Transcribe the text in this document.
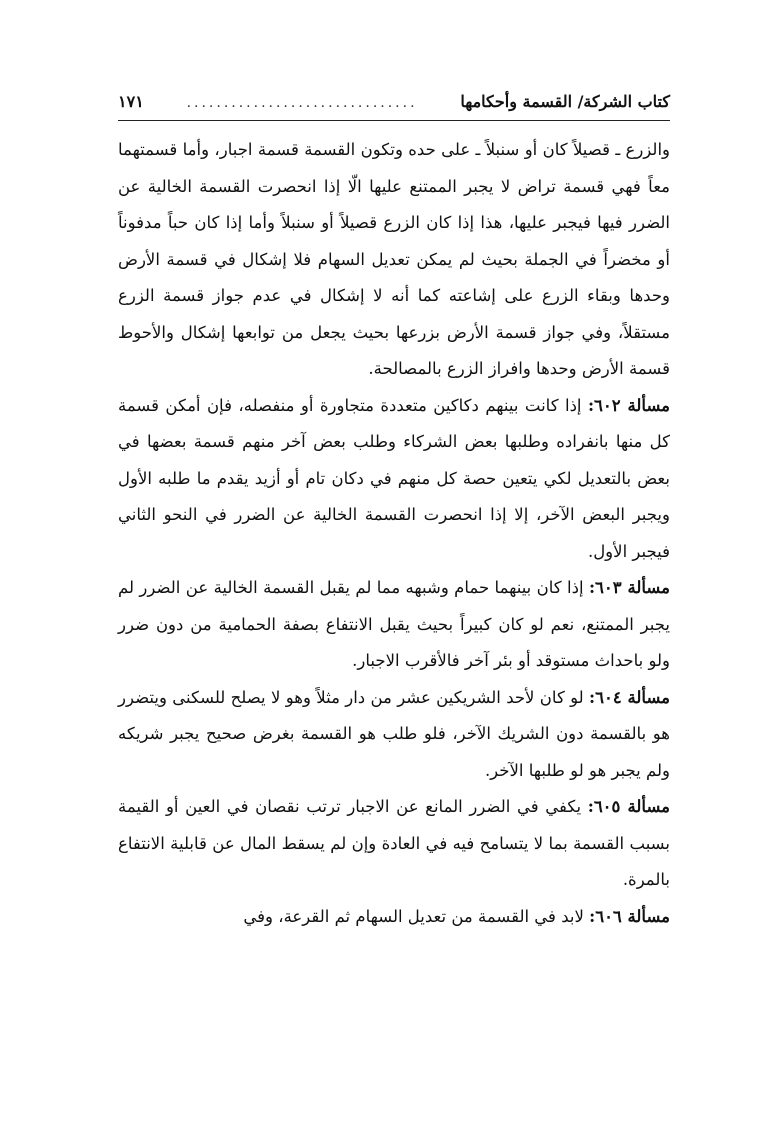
كتاب الشركة/ القسمة وأحكامها
...............................
١٧١

والزرع ـ قصيلاً كان أو سنبلاً ـ على حده وتكون القسمة قسمة اجبار، وأما قسمتهما معاً فهي قسمة تراض لا يجبر الممتنع عليها الّا إذا انحصرت القسمة الخالية عن الضرر فيها فيجبر عليها، هذا إذا كان الزرع قصيلاً أو سنبلاً وأما إذا كان حباً مدفوناً أو مخضراً في الجملة بحيث لم يمكن تعديل السهام فلا إشكال في قسمة الأرض وحدها وبقاء الزرع على إشاعته كما أنه لا إشكال في عدم جواز قسمة الزرع مستقلاً، وفي جواز قسمة الأرض بزرعها بحيث يجعل من توابعها إشكال والأحوط قسمة الأرض وحدها وافراز الزرع بالمصالحة.

مسألة ٦٠٢: إذا كانت بينهم دكاكين متعددة متجاورة أو منفصله، فإن أمكن قسمة كل منها بانفراده وطلبها بعض الشركاء وطلب بعض آخر منهم قسمة بعضها في بعض بالتعديل لكي يتعين حصة كل منهم في دكان تام أو أزيد يقدم ما طلبه الأول ويجبر البعض الآخر، إلا إذا انحصرت القسمة الخالية عن الضرر في النحو الثاني فيجبر الأول.

مسألة ٦٠٣: إذا كان بينهما حمام وشبهه مما لم يقبل القسمة الخالية عن الضرر لم يجبر الممتنع، نعم لو كان كبيراً بحيث يقبل الانتفاع بصفة الحمامية من دون ضرر ولو باحداث مستوقد أو بئر آخر فالأقرب الاجبار.

مسألة ٦٠٤: لو كان لأحد الشريكين عشر من دار مثلاً وهو لا يصلح للسكنى ويتضرر هو بالقسمة دون الشريك الآخر، فلو طلب هو القسمة بغرض صحيح يجبر شريكه ولم يجبر هو لو طلبها الآخر.

مسألة ٦٠٥: يكفي في الضرر المانع عن الاجبار ترتب نقصان في العين أو القيمة بسبب القسمة بما لا يتسامح فيه في العادة وإن لم يسقط المال عن قابلية الانتفاع بالمرة.

مسألة ٦٠٦: لابد في القسمة من تعديل السهام ثم القرعة، وفي
